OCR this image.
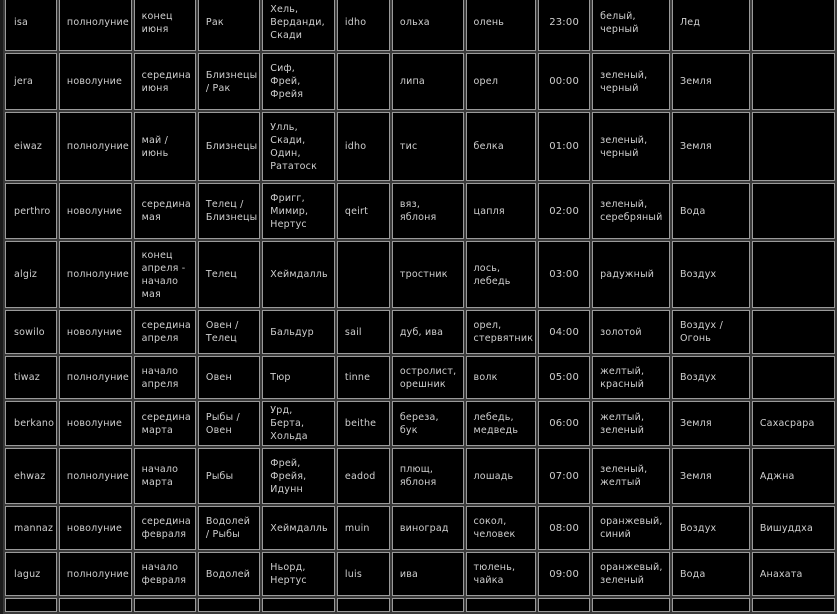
isa	полнолуние	конец июня	Рак	Хель, Верданди, Скади	idho	ольха	олень	23:00	белый, черный	Лед	
jera	новолуние	середина июня	Близнецы / Рак	Сиф, Фрей, Фрейя		липа	орел	00:00	зеленый, черный	Земля	
eiwaz	полнолуние	май / июнь	Близнецы	Улль, Скади, Один, Рататоск	idho	тис	белка	01:00	зеленый, черный	Земля	
perthro	новолуние	середина мая	Телец / Близнецы	Фригг, Мимир, Нертус	qeirt	вяз, яблоня	цапля	02:00	зеленый, серебряный	Вода	
algiz	полнолуние	конец апреля - начало мая	Телец	Хеймдалль		тростник	лось, лебедь	03:00	радужный	Воздух	
sowilo	новолуние	середина апреля	Овен / Телец	Бальдур	sail	дуб, ива	орел, стервятник	04:00	золотой	Воздух / Огонь	
tiwaz	полнолуние	начало апреля	Овен	Тюр	tinne	остролист, орешник	волк	05:00	желтый, красный	Воздух	
berkano	новолуние	середина марта	Рыбы / Овен	Урд, Берта, Хольда	beithe	береза, бук	лебедь, медведь	06:00	желтый, зеленый	Земля	Сахасрара
ehwaz	полнолуние	начало марта	Рыбы	Фрей, Фрейя, Идунн	eadod	плющ, яблоня	лошадь	07:00	зеленый, желтый	Земля	Аджна
mannaz	новолуние	середина февраля	Водолей / Рыбы	Хеймдалль	muin	виноград	сокол, человек	08:00	оранжевый, синий	Воздух	Вишуддха
laguz	полнолуние	начало февраля	Водолей	Ньорд, Нертус	luis	ива	тюлень, чайка	09:00	оранжевый, зеленый	Вода	Анахата
